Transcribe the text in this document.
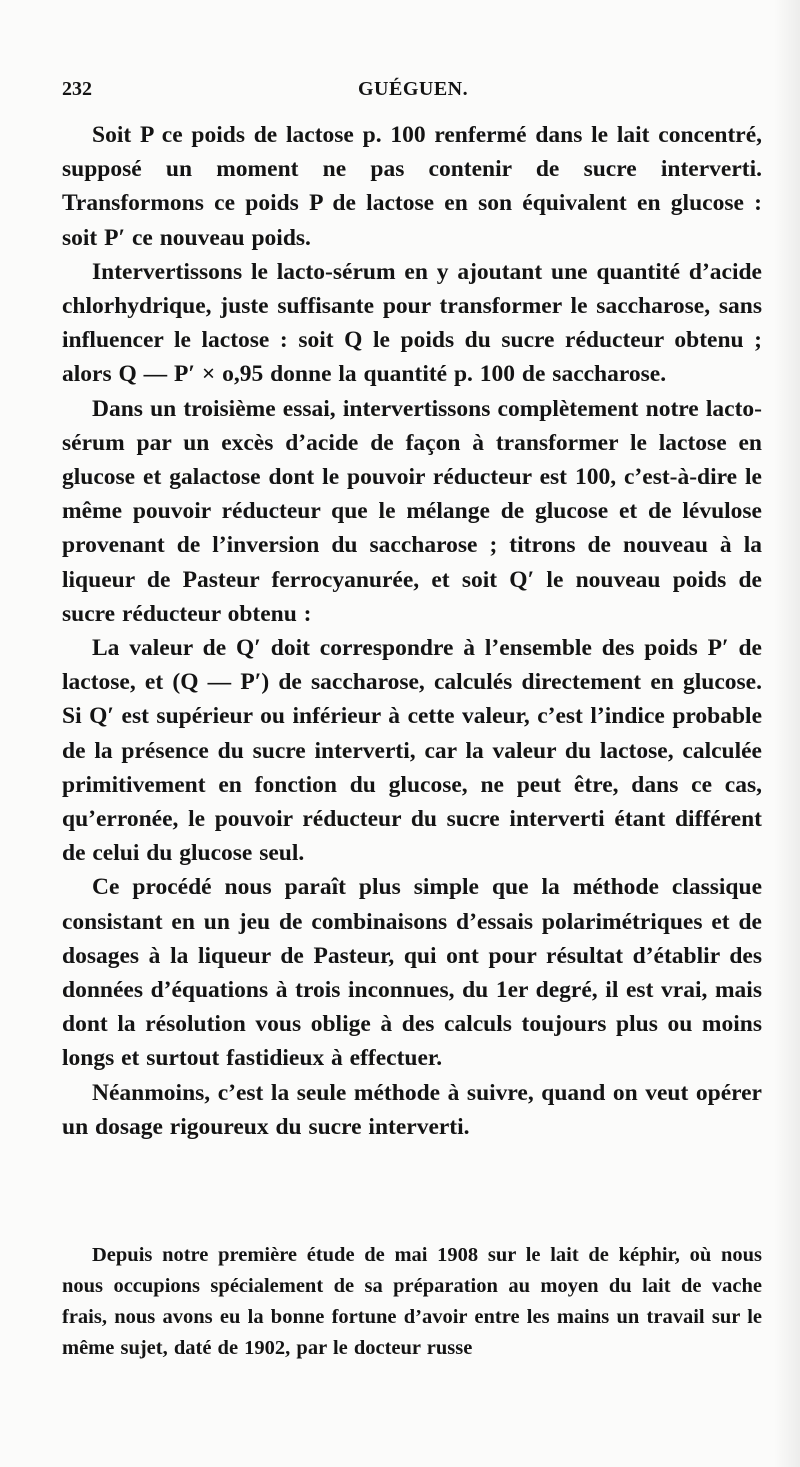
232	GUÉGUEN.

Soit P ce poids de lactose p. 100 renfermé dans le lait concentré, supposé un moment ne pas contenir de sucre interverti. Transformons ce poids P de lactose en son équivalent en glucose : soit P′ ce nouveau poids.

Intervertissons le lacto-sérum en y ajoutant une quantité d’acide chlorhydrique, juste suffisante pour transformer le saccharose, sans influencer le lactose : soit Q le poids du sucre réducteur obtenu ; alors Q — P′ × o,95 donne la quantité p. 100 de saccharose.

Dans un troisième essai, intervertissons complètement notre lacto-sérum par un excès d’acide de façon à transformer le lactose en glucose et galactose dont le pouvoir réducteur est 100, c’est-à-dire le même pouvoir réducteur que le mélange de glucose et de lévulose provenant de l’inversion du saccharose ; titrons de nouveau à la liqueur de Pasteur ferrocyanurée, et soit Q′ le nouveau poids de sucre réducteur obtenu :

La valeur de Q′ doit correspondre à l’ensemble des poids P′ de lactose, et (Q — P′) de saccharose, calculés directement en glucose. Si Q′ est supérieur ou inférieur à cette valeur, c’est l’indice probable de la présence du sucre interverti, car la valeur du lactose, calculée primitivement en fonction du glucose, ne peut être, dans ce cas, qu’erronée, le pouvoir réducteur du sucre interverti étant différent de celui du glucose seul.

Ce procédé nous paraît plus simple que la méthode classique consistant en un jeu de combinaisons d’essais polarimétriques et de dosages à la liqueur de Pasteur, qui ont pour résultat d’établir des données d’équations à trois inconnues, du 1er degré, il est vrai, mais dont la résolution vous oblige à des calculs toujours plus ou moins longs et surtout fastidieux à effectuer.

Néanmoins, c’est la seule méthode à suivre, quand on veut opérer un dosage rigoureux du sucre interverti.

Depuis notre première étude de mai 1908 sur le lait de képhir, où nous nous occupions spécialement de sa préparation au moyen du lait de vache frais, nous avons eu la bonne fortune d’avoir entre les mains un travail sur le même sujet, daté de 1902, par le docteur russe
